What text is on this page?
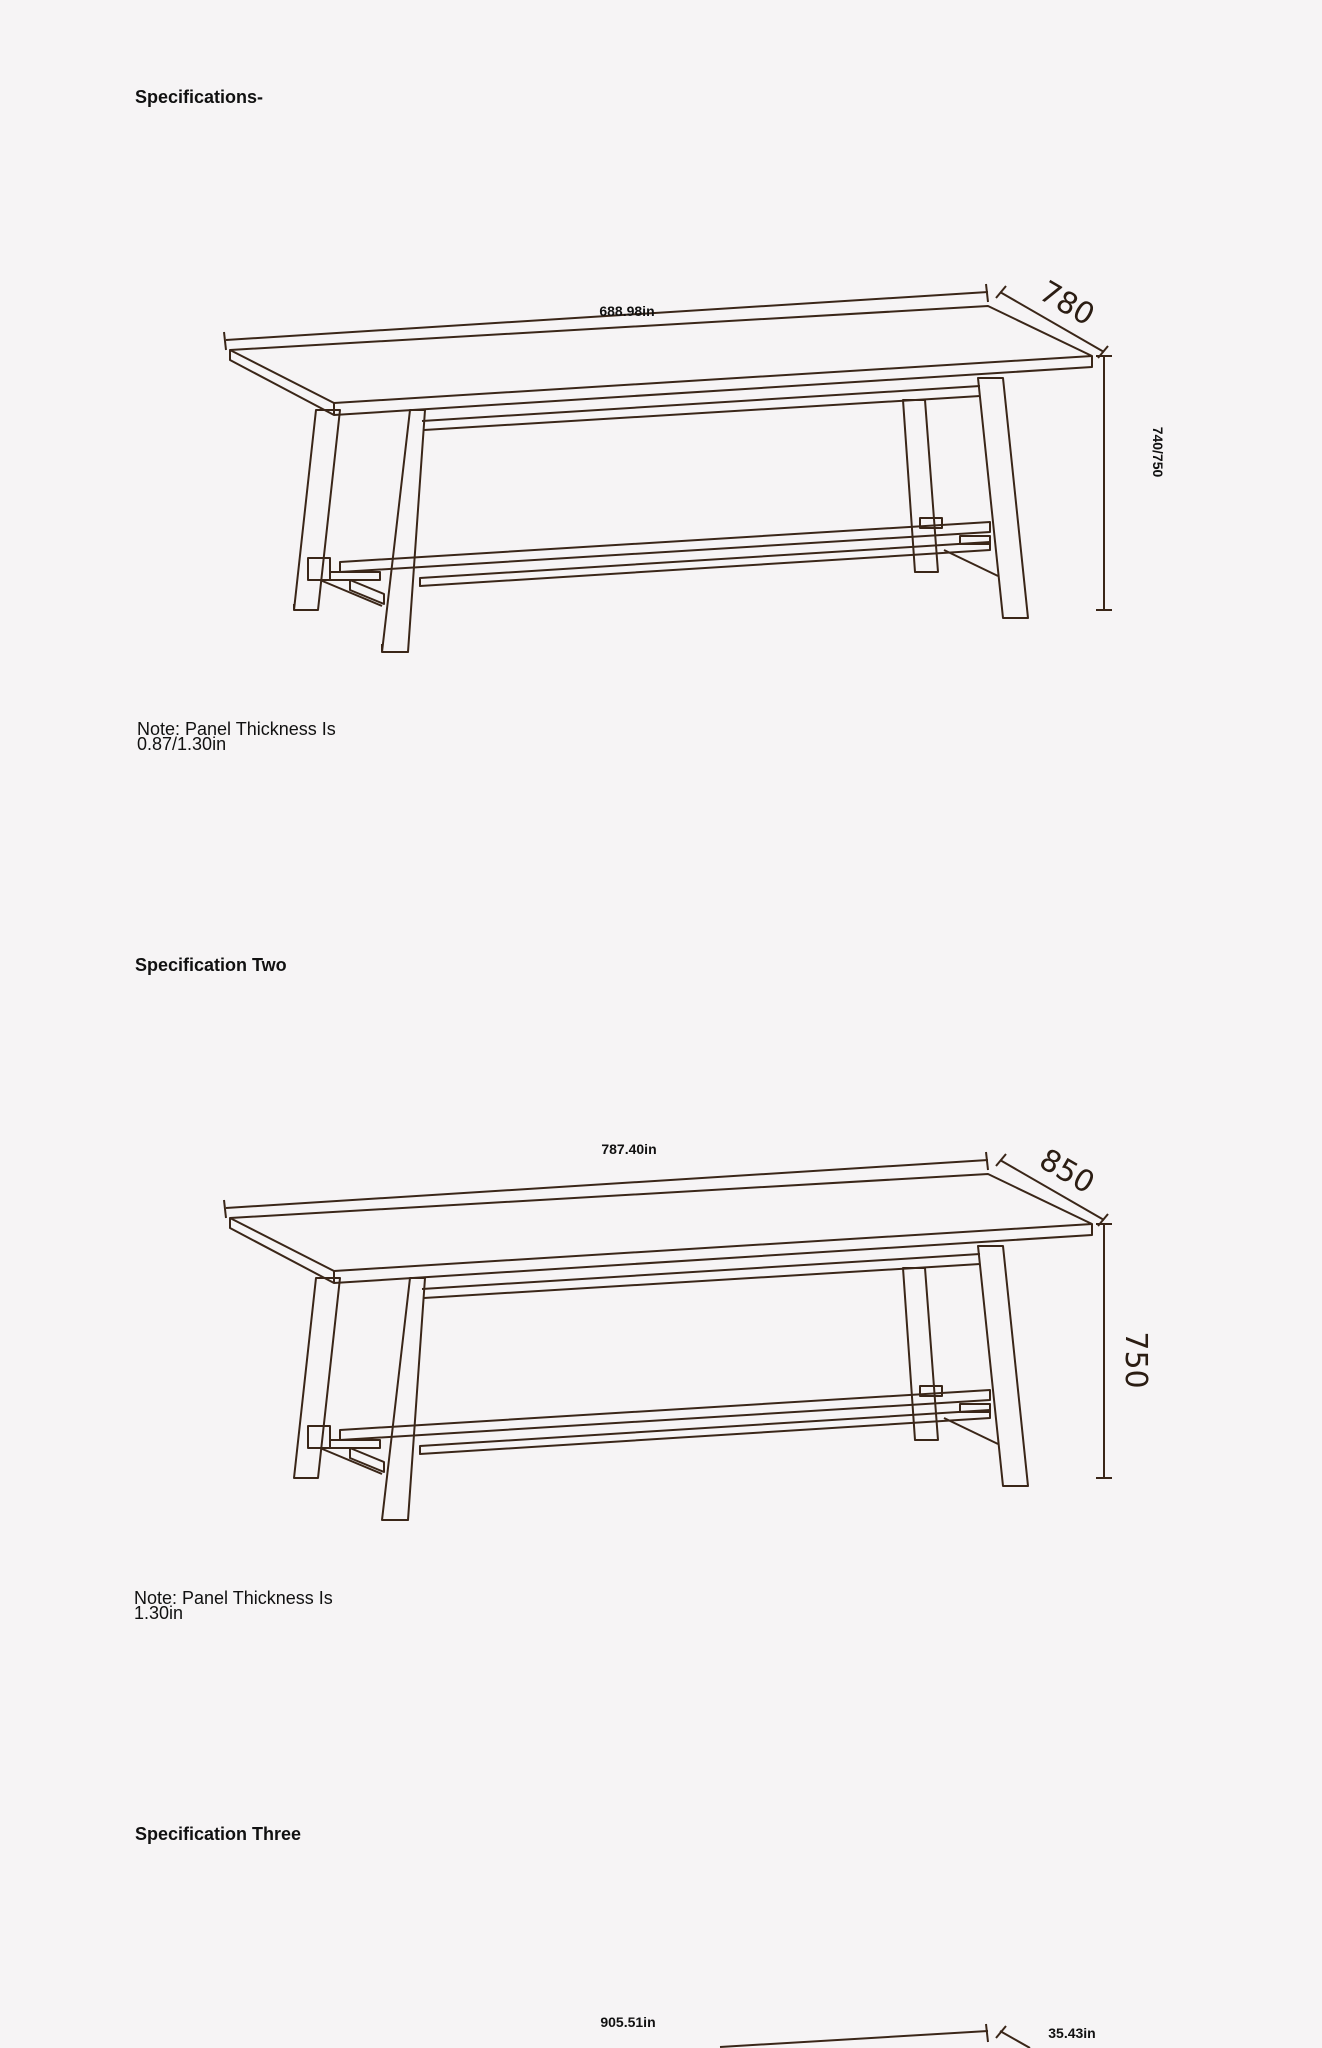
Specifications-
688.98in	780
740/750
Note: Panel Thickness Is
0.87/1.30in
Specification Two
787.40in	850
750
Note: Panel Thickness Is
1.30in
Specification Three
905.51in
35.43in
